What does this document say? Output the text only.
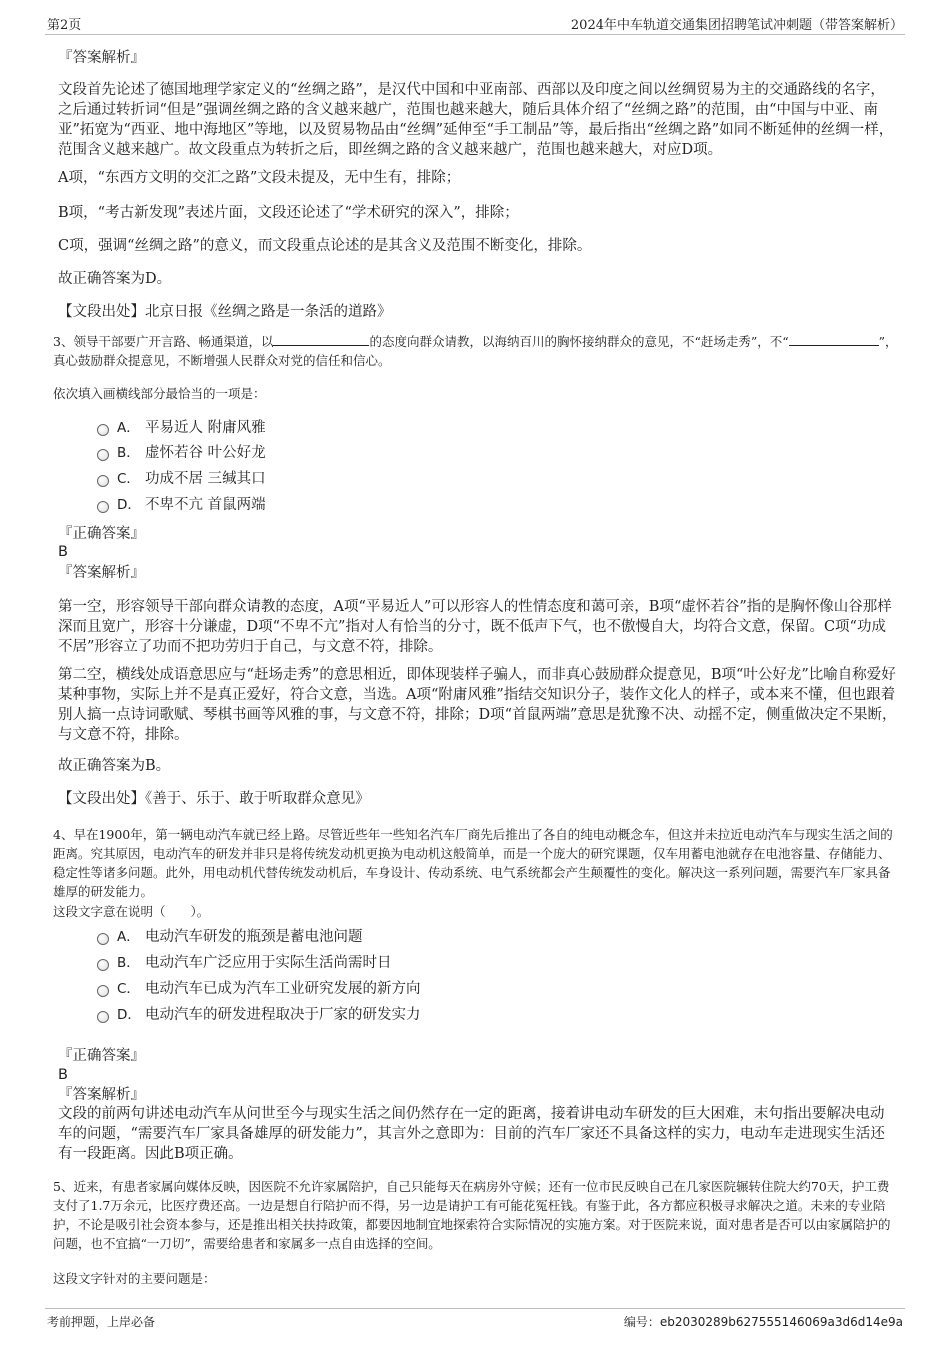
第2页	2024年中车轨道交通集团招聘笔试冲刺题（带答案解析）

『答案解析』

文段首先论述了德国地理学家定义的“丝绸之路”，是汉代中国和中亚南部、西部以及印度之间以丝绸贸易为主的交通路线的名字，之后通过转折词“但是”强调丝绸之路的含义越来越广，范围也越来越大，随后具体介绍了“丝绸之路”的范围，由“中国与中亚、南亚”拓宽为“西亚、地中海地区”等地，以及贸易物品由“丝绸”延伸至“手工制品”等，最后指出“丝绸之路”如同不断延伸的丝绸一样，范围含义越来越广。故文段重点为转折之后，即丝绸之路的含义越来越广，范围也越来越大，对应D项。

A项，“东西方文明的交汇之路”文段未提及，无中生有，排除；

B项，“考古新发现”表述片面，文段还论述了“学术研究的深入”，排除；

C项，强调“丝绸之路”的意义，而文段重点论述的是其含义及范围不断变化，排除。

故正确答案为D。

【文段出处】北京日报《丝绸之路是一条活的道路》

3、领导干部要广开言路、畅通渠道，以	的态度向群众请教，以海纳百川的胸怀接纳群众的意见，不“赶场走秀”，不“	”，真心鼓励群众提意见，不断增强人民群众对党的信任和信心。

依次填入画横线部分最恰当的一项是：

A． 平易近人 附庸风雅
B． 虚怀若谷 叶公好龙
C． 功成不居 三缄其口
D． 不卑不亢 首鼠两端

『正确答案』

B

『答案解析』

第一空，形容领导干部向群众请教的态度，A项“平易近人”可以形容人的性情态度和蔼可亲，B项“虚怀若谷”指的是胸怀像山谷那样深而且宽广，形容十分谦虚，D项“不卑不亢”指对人有恰当的分寸，既不低声下气，也不傲慢自大，均符合文意，保留。C项“功成不居”形容立了功而不把功劳归于自己，与文意不符，排除。

第二空，横线处成语意思应与“赶场走秀”的意思相近，即体现装样子骗人，而非真心鼓励群众提意见，B项“叶公好龙”比喻自称爱好某种事物，实际上并不是真正爱好，符合文意，当选。A项“附庸风雅”指结交知识分子，装作文化人的样子，或本来不懂，但也跟着别人搞一点诗词歌赋、琴棋书画等风雅的事，与文意不符，排除；D项“首鼠两端”意思是犹豫不决、动摇不定，侧重做决定不果断，与文意不符，排除。

故正确答案为B。

【文段出处】《善于、乐于、敢于听取群众意见》

4、早在1900年，第一辆电动汽车就已经上路。尽管近些年一些知名汽车厂商先后推出了各自的纯电动概念车，但这并未拉近电动汽车与现实生活之间的距离。究其原因，电动汽车的研发并非只是将传统发动机更换为电动机这般简单，而是一个庞大的研究课题，仅车用蓄电池就存在电池容量、存储能力、稳定性等诸多问题。此外，用电动机代替传统发动机后，车身设计、传动系统、电气系统都会产生颠覆性的变化。解决这一系列问题，需要汽车厂家具备雄厚的研发能力。

这段文字意在说明（　　）。

A． 电动汽车研发的瓶颈是蓄电池问题
B． 电动汽车广泛应用于实际生活尚需时日
C． 电动汽车已成为汽车工业研究发展的新方向
D． 电动汽车的研发进程取决于厂家的研发实力

『正确答案』

B

『答案解析』

文段的前两句讲述电动汽车从问世至今与现实生活之间仍然存在一定的距离，接着讲电动车研发的巨大困难，末句指出要解决电动车的问题，“需要汽车厂家具备雄厚的研发能力”，其言外之意即为：目前的汽车厂家还不具备这样的实力，电动车走进现实生活还有一段距离。因此B项正确。

5、近来，有患者家属向媒体反映，因医院不允许家属陪护，自己只能每天在病房外守候；还有一位市民反映自己在几家医院辗转住院大约70天，护工费支付了1.7万余元，比医疗费还高。一边是想自行陪护而不得，另一边是请护工有可能花冤枉钱。有鉴于此，各方都应积极寻求解决之道。未来的专业陪护，不论是吸引社会资本参与，还是推出相关扶持政策，都要因地制宜地探索符合实际情况的实施方案。对于医院来说，面对患者是否可以由家属陪护的问题，也不宜搞“一刀切”，需要给患者和家属多一点自由选择的空间。

这段文字针对的主要问题是：

考前押题，上岸必备	编号：eb2030289b627555146069a3d6d14e9a
